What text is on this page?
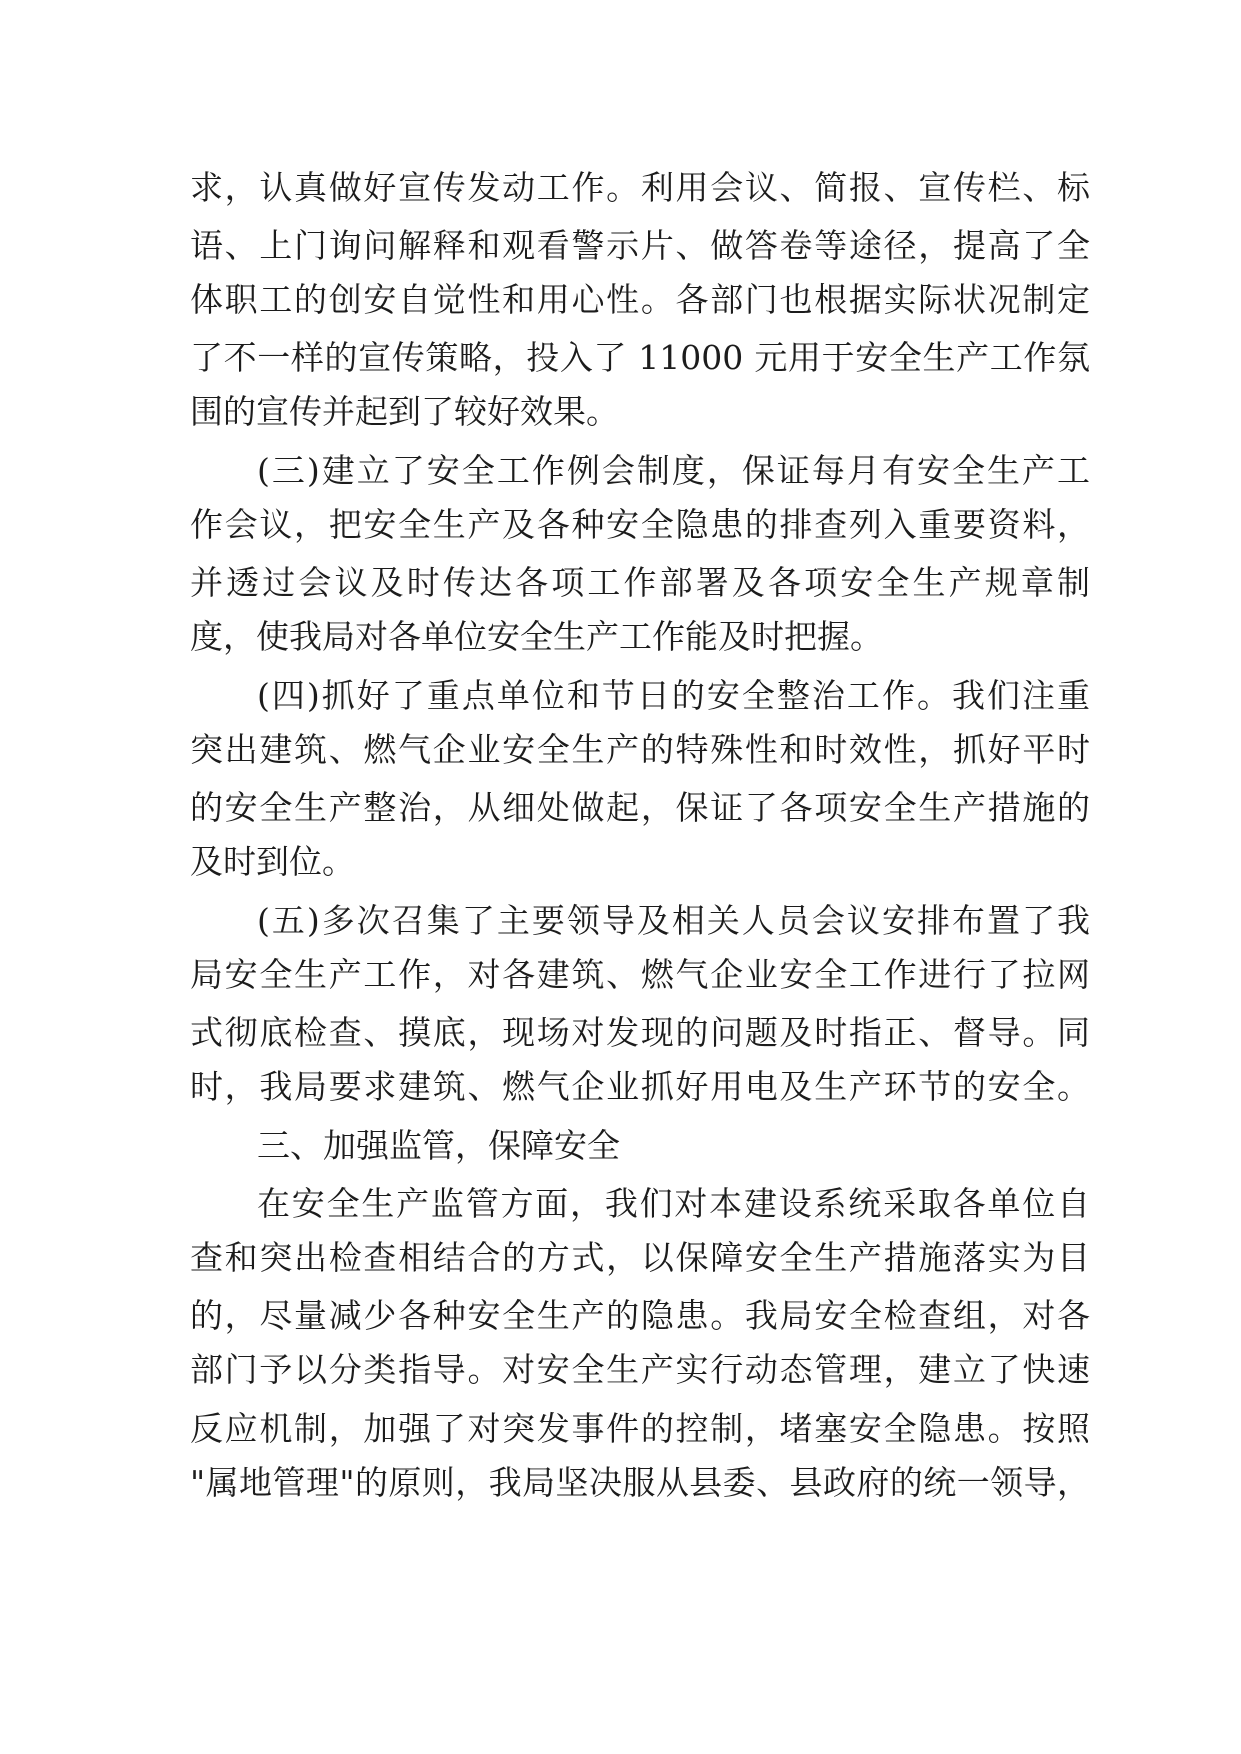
求，认真做好宣传发动工作。利用会议、简报、宣传栏、标
语、上门询问解释和观看警示片、做答卷等途径，提高了全
体职工的创安自觉性和用心性。各部门也根据实际状况制定
了不一样的宣传策略，投入了 11000 元用于安全生产工作氛
围的宣传并起到了较好效果。
(三)建立了安全工作例会制度，保证每月有安全生产工
作会议，把安全生产及各种安全隐患的排查列入重要资料，
并透过会议及时传达各项工作部署及各项安全生产规章制
度，使我局对各单位安全生产工作能及时把握。
(四)抓好了重点单位和节日的安全整治工作。我们注重
突出建筑、燃气企业安全生产的特殊性和时效性，抓好平时
的安全生产整治，从细处做起，保证了各项安全生产措施的
及时到位。
(五)多次召集了主要领导及相关人员会议安排布置了我
局安全生产工作，对各建筑、燃气企业安全工作进行了拉网
式彻底检查、摸底，现场对发现的问题及时指正、督导。同
时，我局要求建筑、燃气企业抓好用电及生产环节的安全。
三、加强监管，保障安全
在安全生产监管方面，我们对本建设系统采取各单位自
查和突出检查相结合的方式，以保障安全生产措施落实为目
的，尽量减少各种安全生产的隐患。我局安全检查组，对各
部门予以分类指导。对安全生产实行动态管理，建立了快速
反应机制，加强了对突发事件的控制，堵塞安全隐患。按照
"属地管理"的原则，我局坚决服从县委、县政府的统一领导，
